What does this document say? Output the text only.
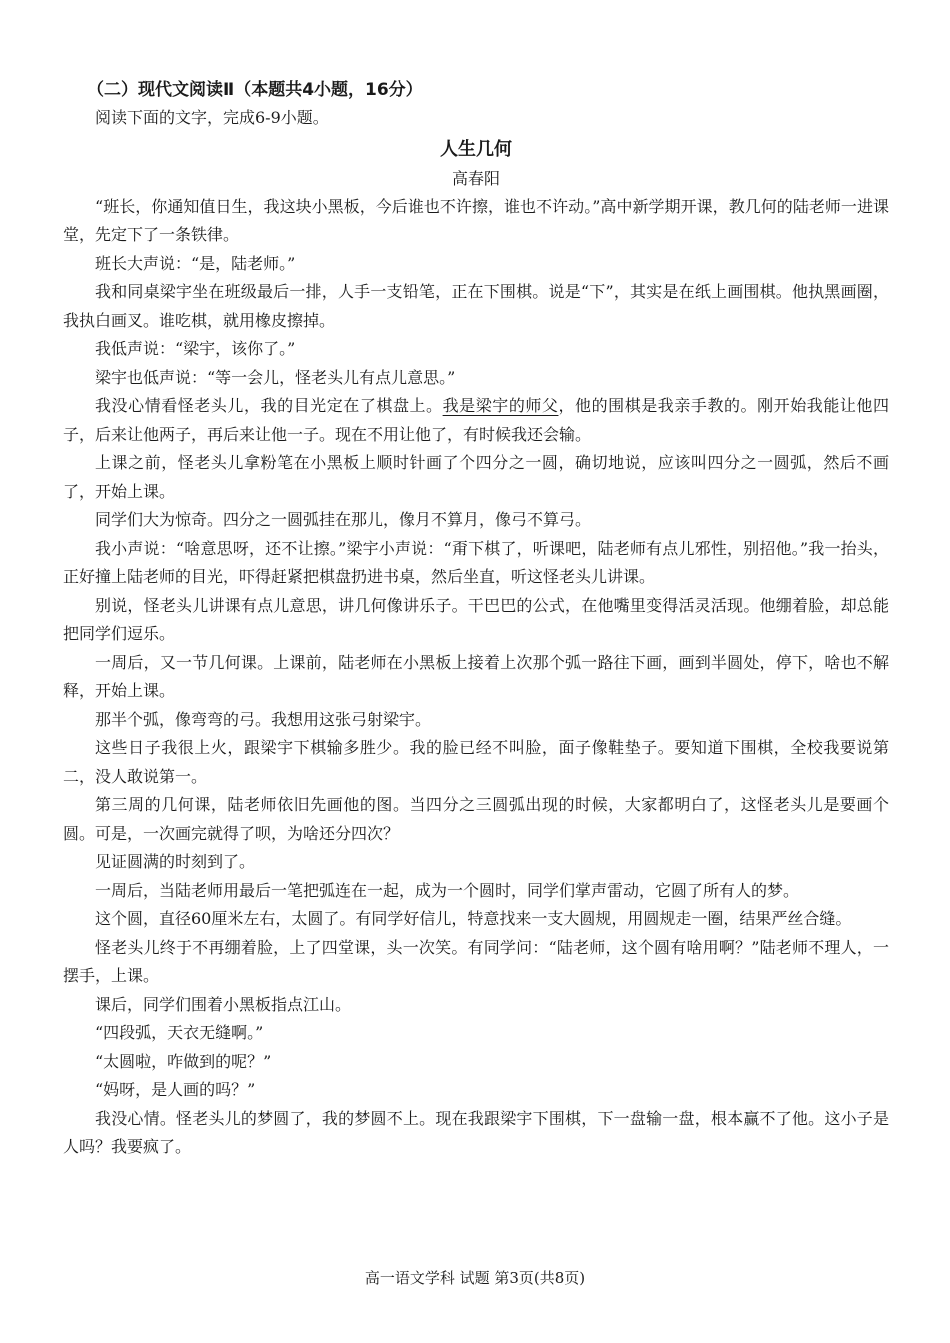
（二）现代文阅读Ⅱ（本题共4小题，16分）
阅读下面的文字，完成6-9小题。
人生几何
高春阳

“班长，你通知值日生，我这块小黑板，今后谁也不许擦，谁也不许动。”高中新学期开课，教几何的陆老师一进课堂，先定下了一条铁律。

班长大声说：“是，陆老师。”

我和同桌梁宇坐在班级最后一排，人手一支铅笔，正在下围棋。说是“下”，其实是在纸上画围棋。他执黑画圈，我执白画叉。谁吃棋，就用橡皮擦掉。

我低声说：“梁宇，该你了。”

梁宇也低声说：“等一会儿，怪老头儿有点儿意思。”

我没心情看怪老头儿，我的目光定在了棋盘上。我是梁宇的师父，他的围棋是我亲手教的。刚开始我能让他四子，后来让他两子，再后来让他一子。现在不用让他了，有时候我还会输。

上课之前，怪老头儿拿粉笔在小黑板上顺时针画了个四分之一圆，确切地说，应该叫四分之一圆弧，然后不画了，开始上课。

同学们大为惊奇。四分之一圆弧挂在那儿，像月不算月，像弓不算弓。

我小声说：“啥意思呀，还不让擦。”梁宇小声说：“甭下棋了，听课吧，陆老师有点儿邪性，别招他。”我一抬头，正好撞上陆老师的目光，吓得赶紧把棋盘扔进书桌，然后坐直，听这怪老头儿讲课。

别说，怪老头儿讲课有点儿意思，讲几何像讲乐子。干巴巴的公式，在他嘴里变得活灵活现。他绷着脸，却总能把同学们逗乐。

一周后，又一节几何课。上课前，陆老师在小黑板上接着上次那个弧一路往下画，画到半圆处，停下，啥也不解释，开始上课。

那半个弧，像弯弯的弓。我想用这张弓射梁宇。

这些日子我很上火，跟梁宇下棋输多胜少。我的脸已经不叫脸，面子像鞋垫子。要知道下围棋，全校我要说第二，没人敢说第一。

第三周的几何课，陆老师依旧先画他的图。当四分之三圆弧出现的时候，大家都明白了，这怪老头儿是要画个圆。可是，一次画完就得了呗，为啥还分四次？

见证圆满的时刻到了。

一周后，当陆老师用最后一笔把弧连在一起，成为一个圆时，同学们掌声雷动，它圆了所有人的梦。

这个圆，直径60厘米左右，太圆了。有同学好信儿，特意找来一支大圆规，用圆规走一圈，结果严丝合缝。

怪老头儿终于不再绷着脸，上了四堂课，头一次笑。有同学问：“陆老师，这个圆有啥用啊？”陆老师不理人，一摆手，上课。

课后，同学们围着小黑板指点江山。

“四段弧，天衣无缝啊。”

“太圆啦，咋做到的呢？”

“妈呀，是人画的吗？”

我没心情。怪老头儿的梦圆了，我的梦圆不上。现在我跟梁宇下围棋，下一盘输一盘，根本赢不了他。这小子是人吗？我要疯了。

高一语文学科 试题 第3页(共8页)
